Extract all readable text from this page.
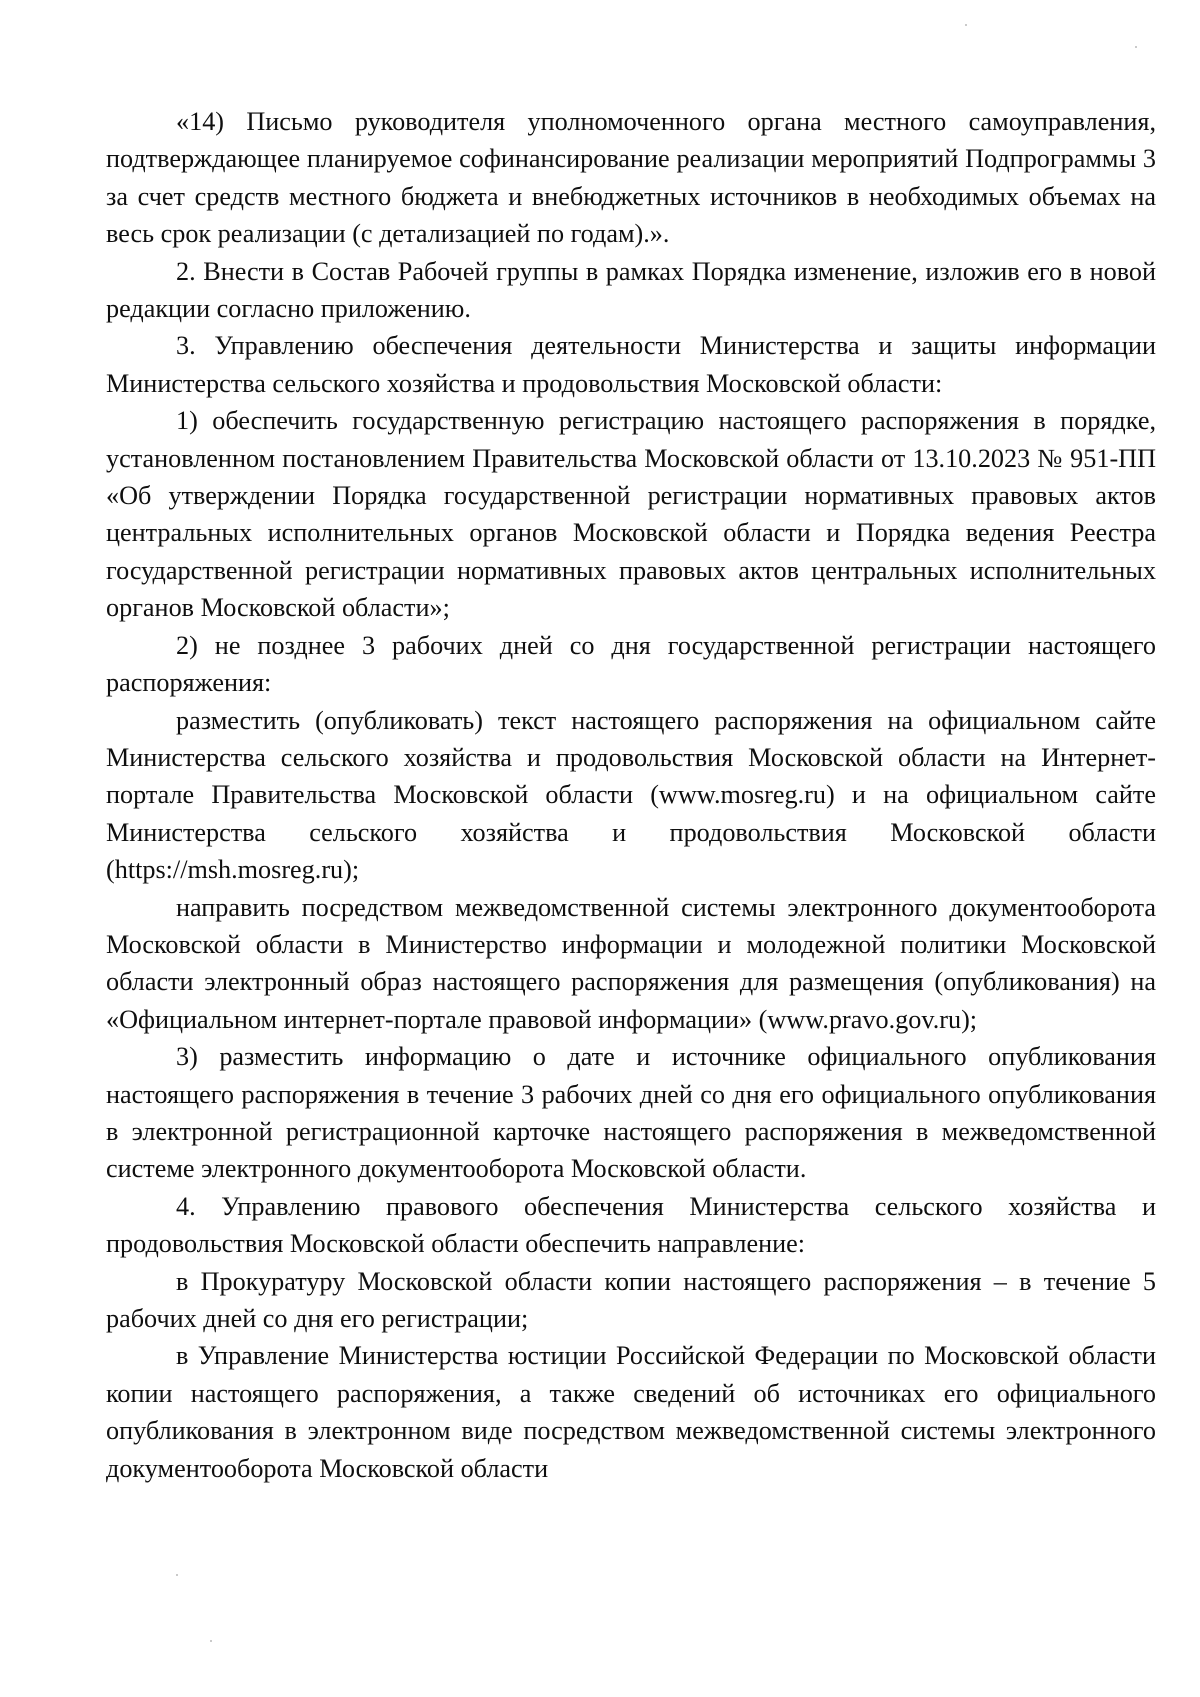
«14) Письмо руководителя уполномоченного органа местного самоуправления, подтверждающее планируемое софинансирование реализации мероприятий Подпрограммы 3 за счет средств местного бюджета и внебюджетных источников в необходимых объемах на весь срок реализации (с детализацией по годам).».

2. Внести в Состав Рабочей группы в рамках Порядка изменение, изложив его в новой редакции согласно приложению.

3. Управлению обеспечения деятельности Министерства и защиты информации Министерства сельского хозяйства и продовольствия Московской области:

1) обеспечить государственную регистрацию настоящего распоряжения в порядке, установленном постановлением Правительства Московской области от 13.10.2023 № 951-ПП «Об утверждении Порядка государственной регистрации нормативных правовых актов центральных исполнительных органов Московской области и Порядка ведения Реестра государственной регистрации нормативных правовых актов центральных исполнительных органов Московской области»;

2) не позднее 3 рабочих дней со дня государственной регистрации настоящего распоряжения:

разместить (опубликовать) текст настоящего распоряжения на официальном сайте Министерства сельского хозяйства и продовольствия Московской области на Интернет-портале Правительства Московской области (www.mosreg.ru) и на официальном сайте Министерства сельского хозяйства и продовольствия Московской области (https://msh.mosreg.ru);

направить посредством межведомственной системы электронного документооборота Московской области в Министерство информации и молодежной политики Московской области электронный образ настоящего распоряжения для размещения (опубликования) на «Официальном интернет-портале правовой информации» (www.pravo.gov.ru);

3) разместить информацию о дате и источнике официального опубликования настоящего распоряжения в течение 3 рабочих дней со дня его официального опубликования в электронной регистрационной карточке настоящего распоряжения в межведомственной системе электронного документооборота Московской области.

4. Управлению правового обеспечения Министерства сельского хозяйства и продовольствия Московской области обеспечить направление:

в Прокуратуру Московской области копии настоящего распоряжения – в течение 5 рабочих дней со дня его регистрации;

в Управление Министерства юстиции Российской Федерации по Московской области копии настоящего распоряжения, а также сведений об источниках его официального опубликования в электронном виде посредством межведомственной системы электронного документооборота Московской области
